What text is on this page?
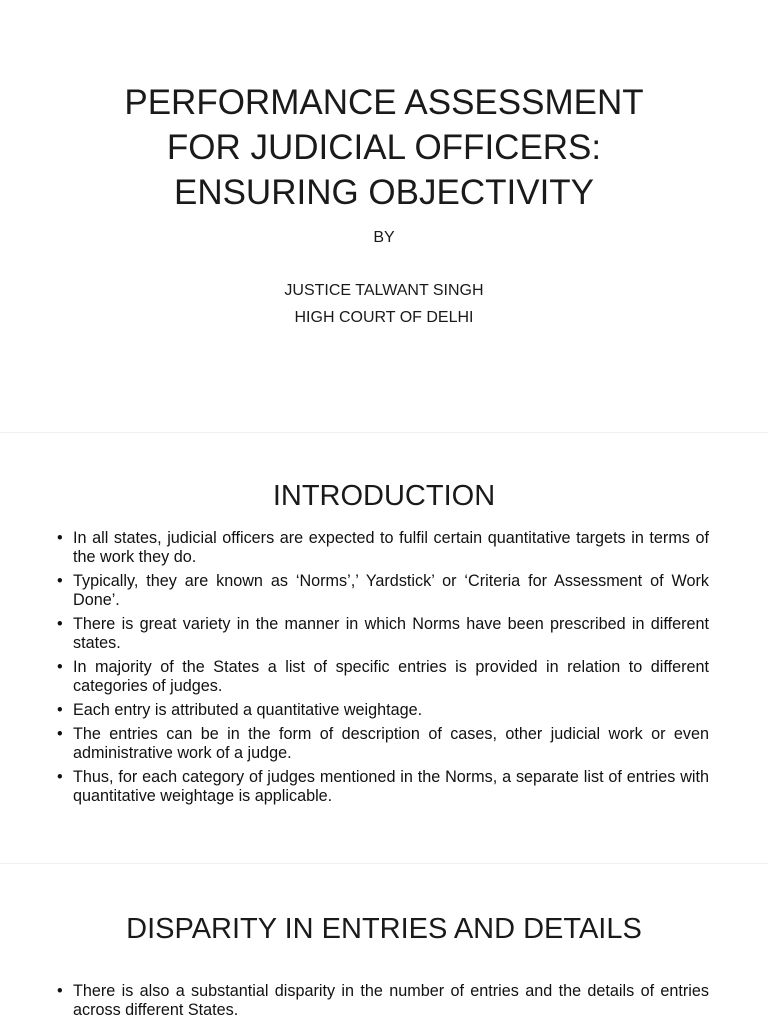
PERFORMANCE ASSESSMENT
FOR JUDICIAL OFFICERS:
ENSURING OBJECTIVITY
BY
JUSTICE TALWANT SINGH
HIGH COURT OF DELHI
INTRODUCTION
• In all states, judicial officers are expected to fulfil certain quantitative targets in terms of the work they do.
• Typically, they are known as ‘Norms’,’ Yardstick’ or ‘Criteria for Assessment of Work Done’.
• There is great variety in the manner in which Norms have been prescribed in different states.
• In majority of the States a list of specific entries is provided in relation to different categories of judges.
• Each entry is attributed a quantitative weightage.
• The entries can be in the form of description of cases, other judicial work or even administrative work of a judge.
• Thus, for each category of judges mentioned in the Norms, a separate list of entries with quantitative weightage is applicable.
DISPARITY IN ENTRIES AND DETAILS
• There is also a substantial disparity in the number of entries and the details of entries across different States.
